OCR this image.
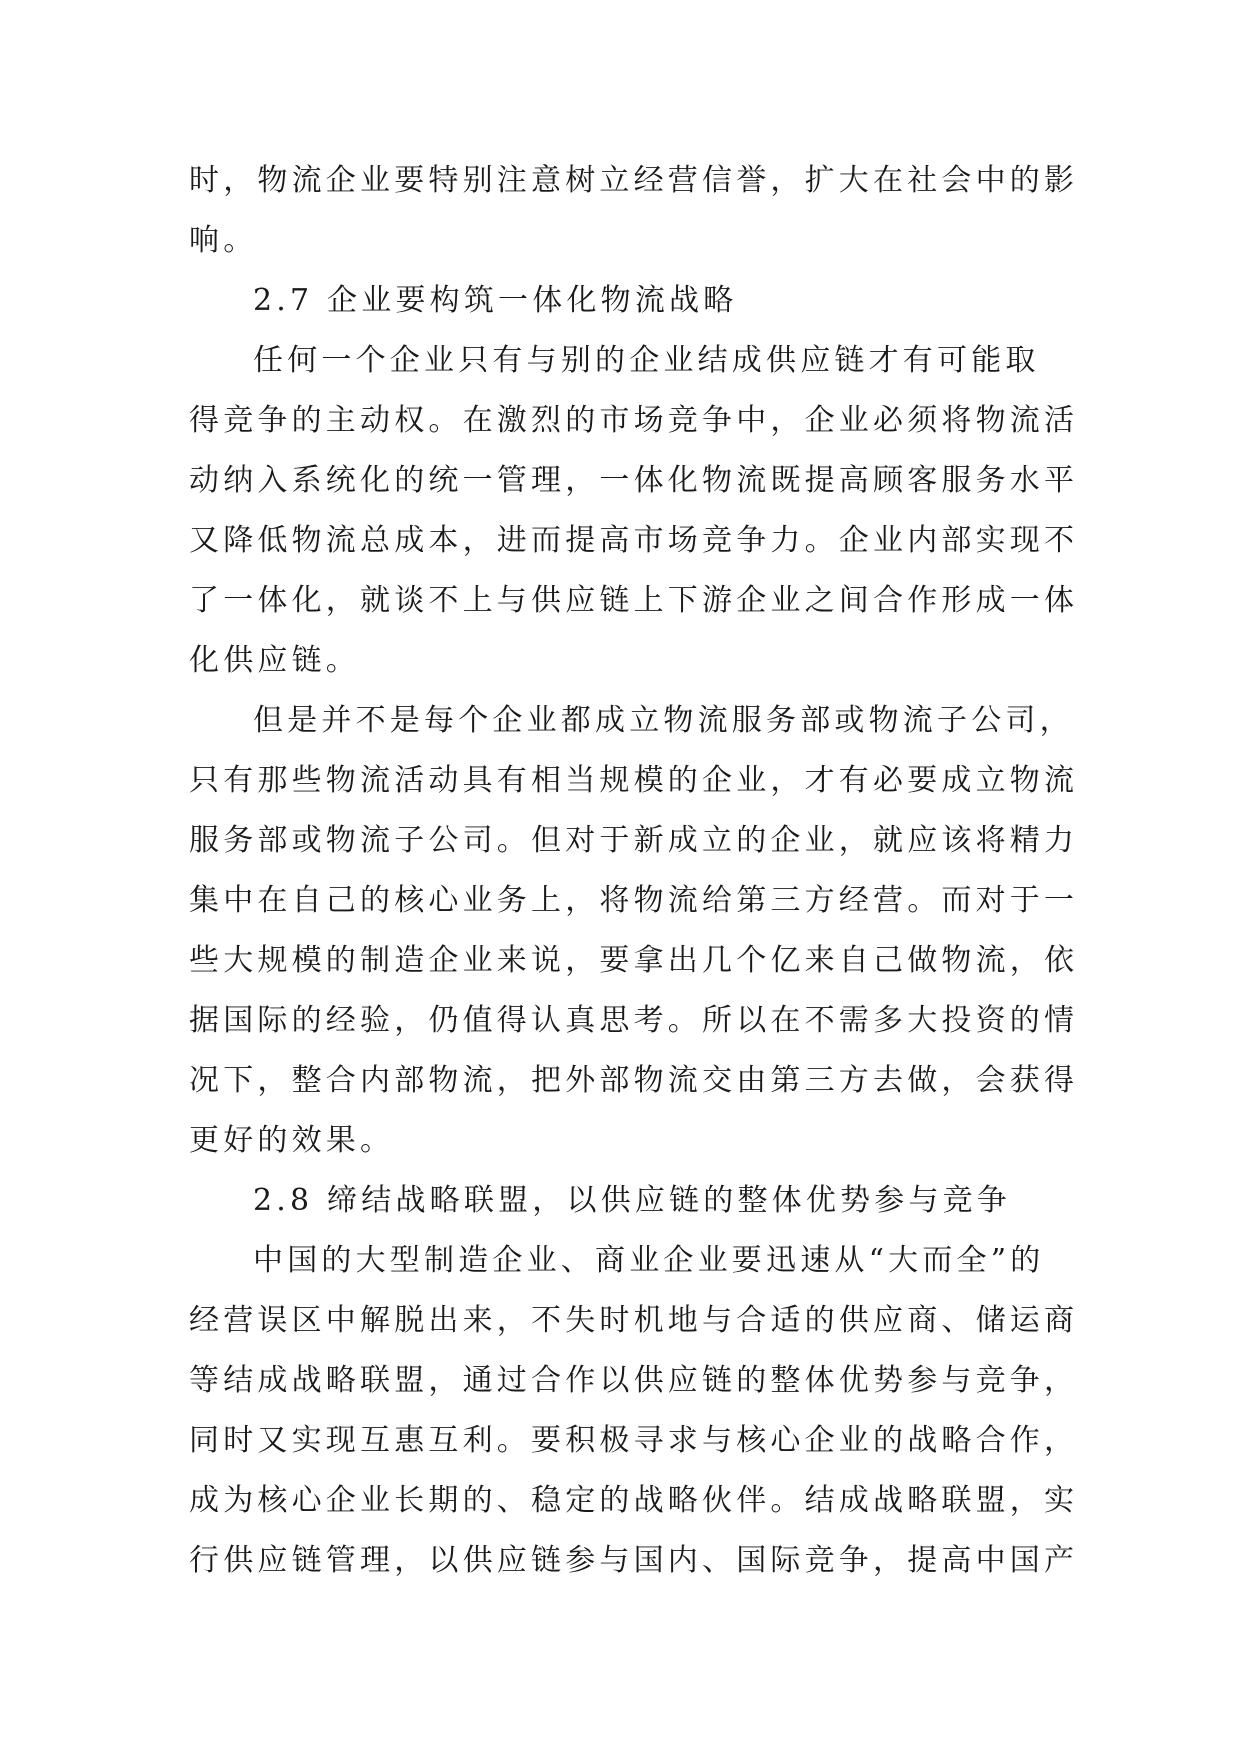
时，物流企业要特别注意树立经营信誉，扩大在社会中的影
响。
2.7 企业要构筑一体化物流战略
任何一个企业只有与别的企业结成供应链才有可能取
得竞争的主动权。在激烈的市场竞争中，企业必须将物流活
动纳入系统化的统一管理，一体化物流既提高顾客服务水平
又降低物流总成本，进而提高市场竞争力。企业内部实现不
了一体化，就谈不上与供应链上下游企业之间合作形成一体
化供应链。
但是并不是每个企业都成立物流服务部或物流子公司，
只有那些物流活动具有相当规模的企业，才有必要成立物流
服务部或物流子公司。但对于新成立的企业，就应该将精力
集中在自己的核心业务上，将物流给第三方经营。而对于一
些大规模的制造企业来说，要拿出几个亿来自己做物流，依
据国际的经验，仍值得认真思考。所以在不需多大投资的情
况下，整合内部物流，把外部物流交由第三方去做，会获得
更好的效果。
2.8 缔结战略联盟，以供应链的整体优势参与竞争
中国的大型制造企业、商业企业要迅速从“大而全”的
经营误区中解脱出来，不失时机地与合适的供应商、储运商
等结成战略联盟，通过合作以供应链的整体优势参与竞争，
同时又实现互惠互利。要积极寻求与核心企业的战略合作，
成为核心企业长期的、稳定的战略伙伴。结成战略联盟，实
行供应链管理，以供应链参与国内、国际竞争，提高中国产
